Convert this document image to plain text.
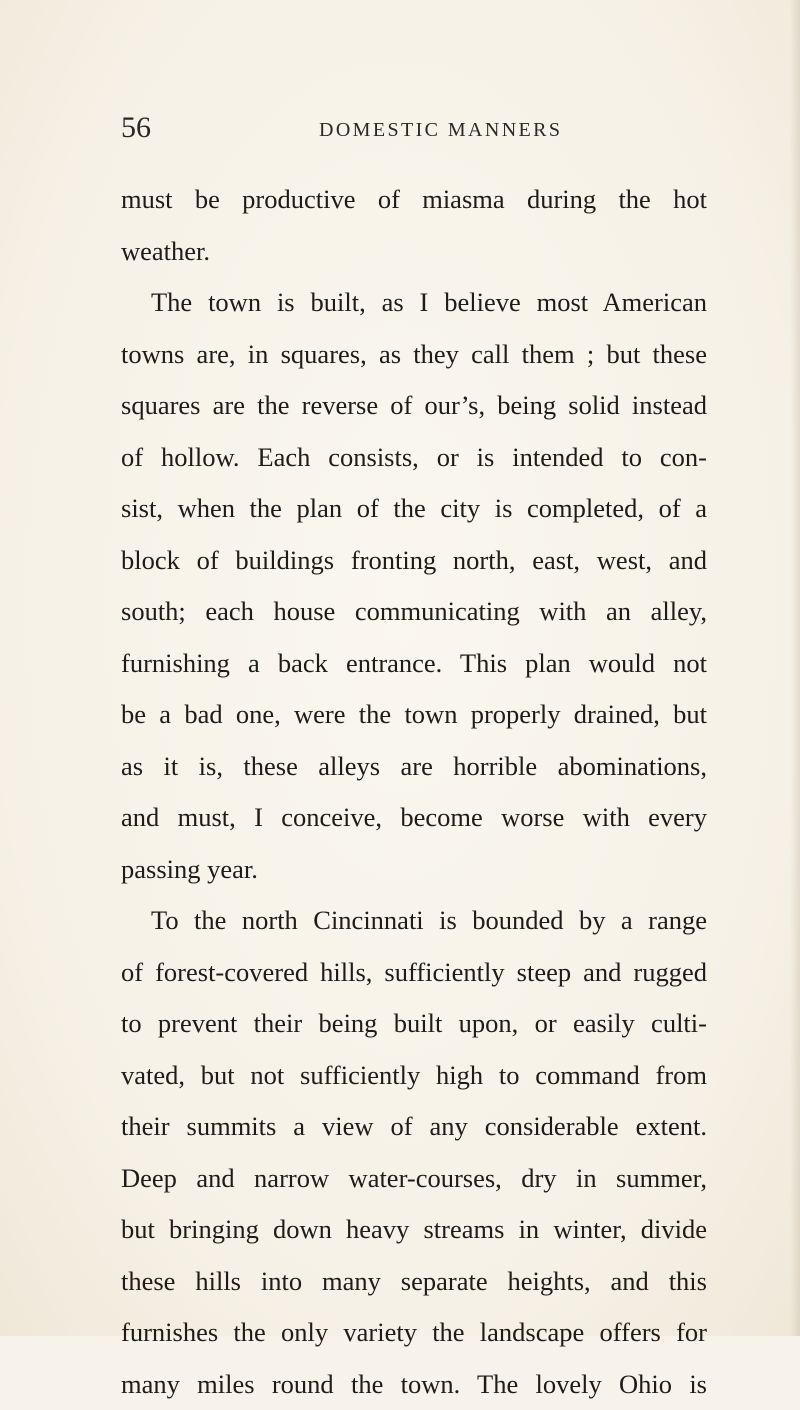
56	DOMESTIC MANNERS
must be productive of miasma during the hot
weather.
The town is built, as I believe most American
towns are, in squares, as they call them ; but these
squares are the reverse of our’s, being solid instead
of hollow. Each consists, or is intended to con-
sist, when the plan of the city is completed, of a
block of buildings fronting north, east, west, and
south; each house communicating with an alley,
furnishing a back entrance. This plan would not
be a bad one, were the town properly drained, but
as it is, these alleys are horrible abominations,
and must, I conceive, become worse with every
passing year.
To the north Cincinnati is bounded by a range
of forest-covered hills, sufficiently steep and rugged
to prevent their being built upon, or easily culti-
vated, but not sufficiently high to command from
their summits a view of any considerable extent.
Deep and narrow water-courses, dry in summer,
but bringing down heavy streams in winter, divide
these hills into many separate heights, and this
furnishes the only variety the landscape offers for
many miles round the town. The lovely Ohio is
